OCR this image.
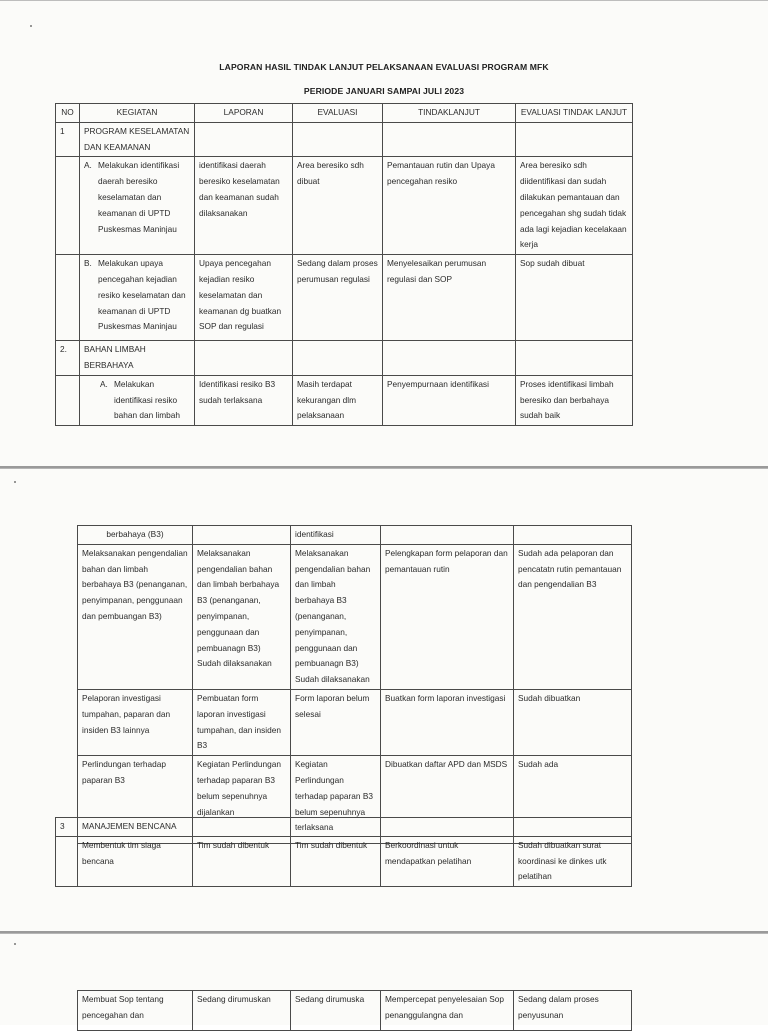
LAPORAN HASIL TINDAK LANJUT PELAKSANAAN EVALUASI PROGRAM MFK
PERIODE JANUARI SAMPAI JULI 2023
NO	KEGIATAN	LAPORAN	EVALUASI	TINDAKLANJUT	EVALUASI TINDAK LANJUT
1	PROGRAM KESELAMATAN DAN KEAMANAN				

	A. Melakukan identifikasi daerah beresiko keselamatan dan keamanan di UPTD Puskesmas Maninjau	identifikasi daerah beresiko keselamatan dan keamanan sudah dilaksanakan	Area beresiko sdh dibuat	Pemantauan rutin dan Upaya pencegahan resiko	Area beresiko sdh diidentifikasi dan sudah dilakukan pemantauan dan pencegahan shg sudah tidak ada lagi kejadian kecelakaan kerja

	B. Melakukan upaya pencegahan kejadian resiko keselamatan dan keamanan di UPTD Puskesmas Maninjau	Upaya pencegahan kejadian resiko keselamatan dan keamanan dg buatkan SOP dan regulasi	Sedang dalam proses perumusan regulasi	Menyelesaikan perumusan regulasi dan SOP	Sop sudah dibuat
2.	BAHAN LIMBAH BERBAHAYA				

	A. Melakukan identifikasi resiko bahan dan limbah	Identifikasi resiko B3 sudah terlaksana	Masih terdapat kekurangan dlm pelaksanaan	Penyempurnaan identifikasi	Proses identifikasi limbah beresiko dan berbahaya sudah baik
berbahaya (B3)		identifikasi		
Melaksanakan pengendalian bahan dan limbah berbahaya B3 (penanganan, penyimpanan, penggunaan dan pembuangan B3)	Melaksanakan pengendalian bahan dan limbah berbahaya B3 (penanganan, penyimpanan, penggunaan dan pembuanagn B3) Sudah dilaksanakan	Melaksanakan pengendalian bahan dan limbah berbahaya B3 (penanganan, penyimpanan, penggunaan dan pembuanagn B3) Sudah dilaksanakan	Pelengkapan form pelaporan dan pemantauan rutin	Sudah ada pelaporan dan pencatatn rutin pemantauan dan pengendalian B3
Pelaporan investigasi tumpahan, paparan dan insiden B3 lainnya	Pembuatan form laporan investigasi tumpahan, dan insiden B3	Form laporan belum selesai	Buatkan form laporan investigasi	Sudah dibuatkan
Perlindungan terhadap paparan B3	Kegiatan Perlindungan terhadap paparan B3 belum sepenuhnya dijalankan	Kegiatan Perlindungan terhadap paparan B3 belum sepenuhnya terlaksana	Dibuatkan daftar APD dan MSDS	Sudah ada
3	MANAJEMEN BENCANA				
	Membentuk tim siaga bencana	Tim sudah dibentuk	Tim sudah dibentuk	Berkoordinasi untuk mendapatkan pelatihan	Sudah dibuatkan surat koordinasi ke dinkes utk pelatihan
Membuat Sop tentang pencegahan dan	Sedang dirumuskan	Sedang dirumuska	Mempercepat penyelesaian Sop penanggulangna dan	Sedang dalam proses penyusunan
